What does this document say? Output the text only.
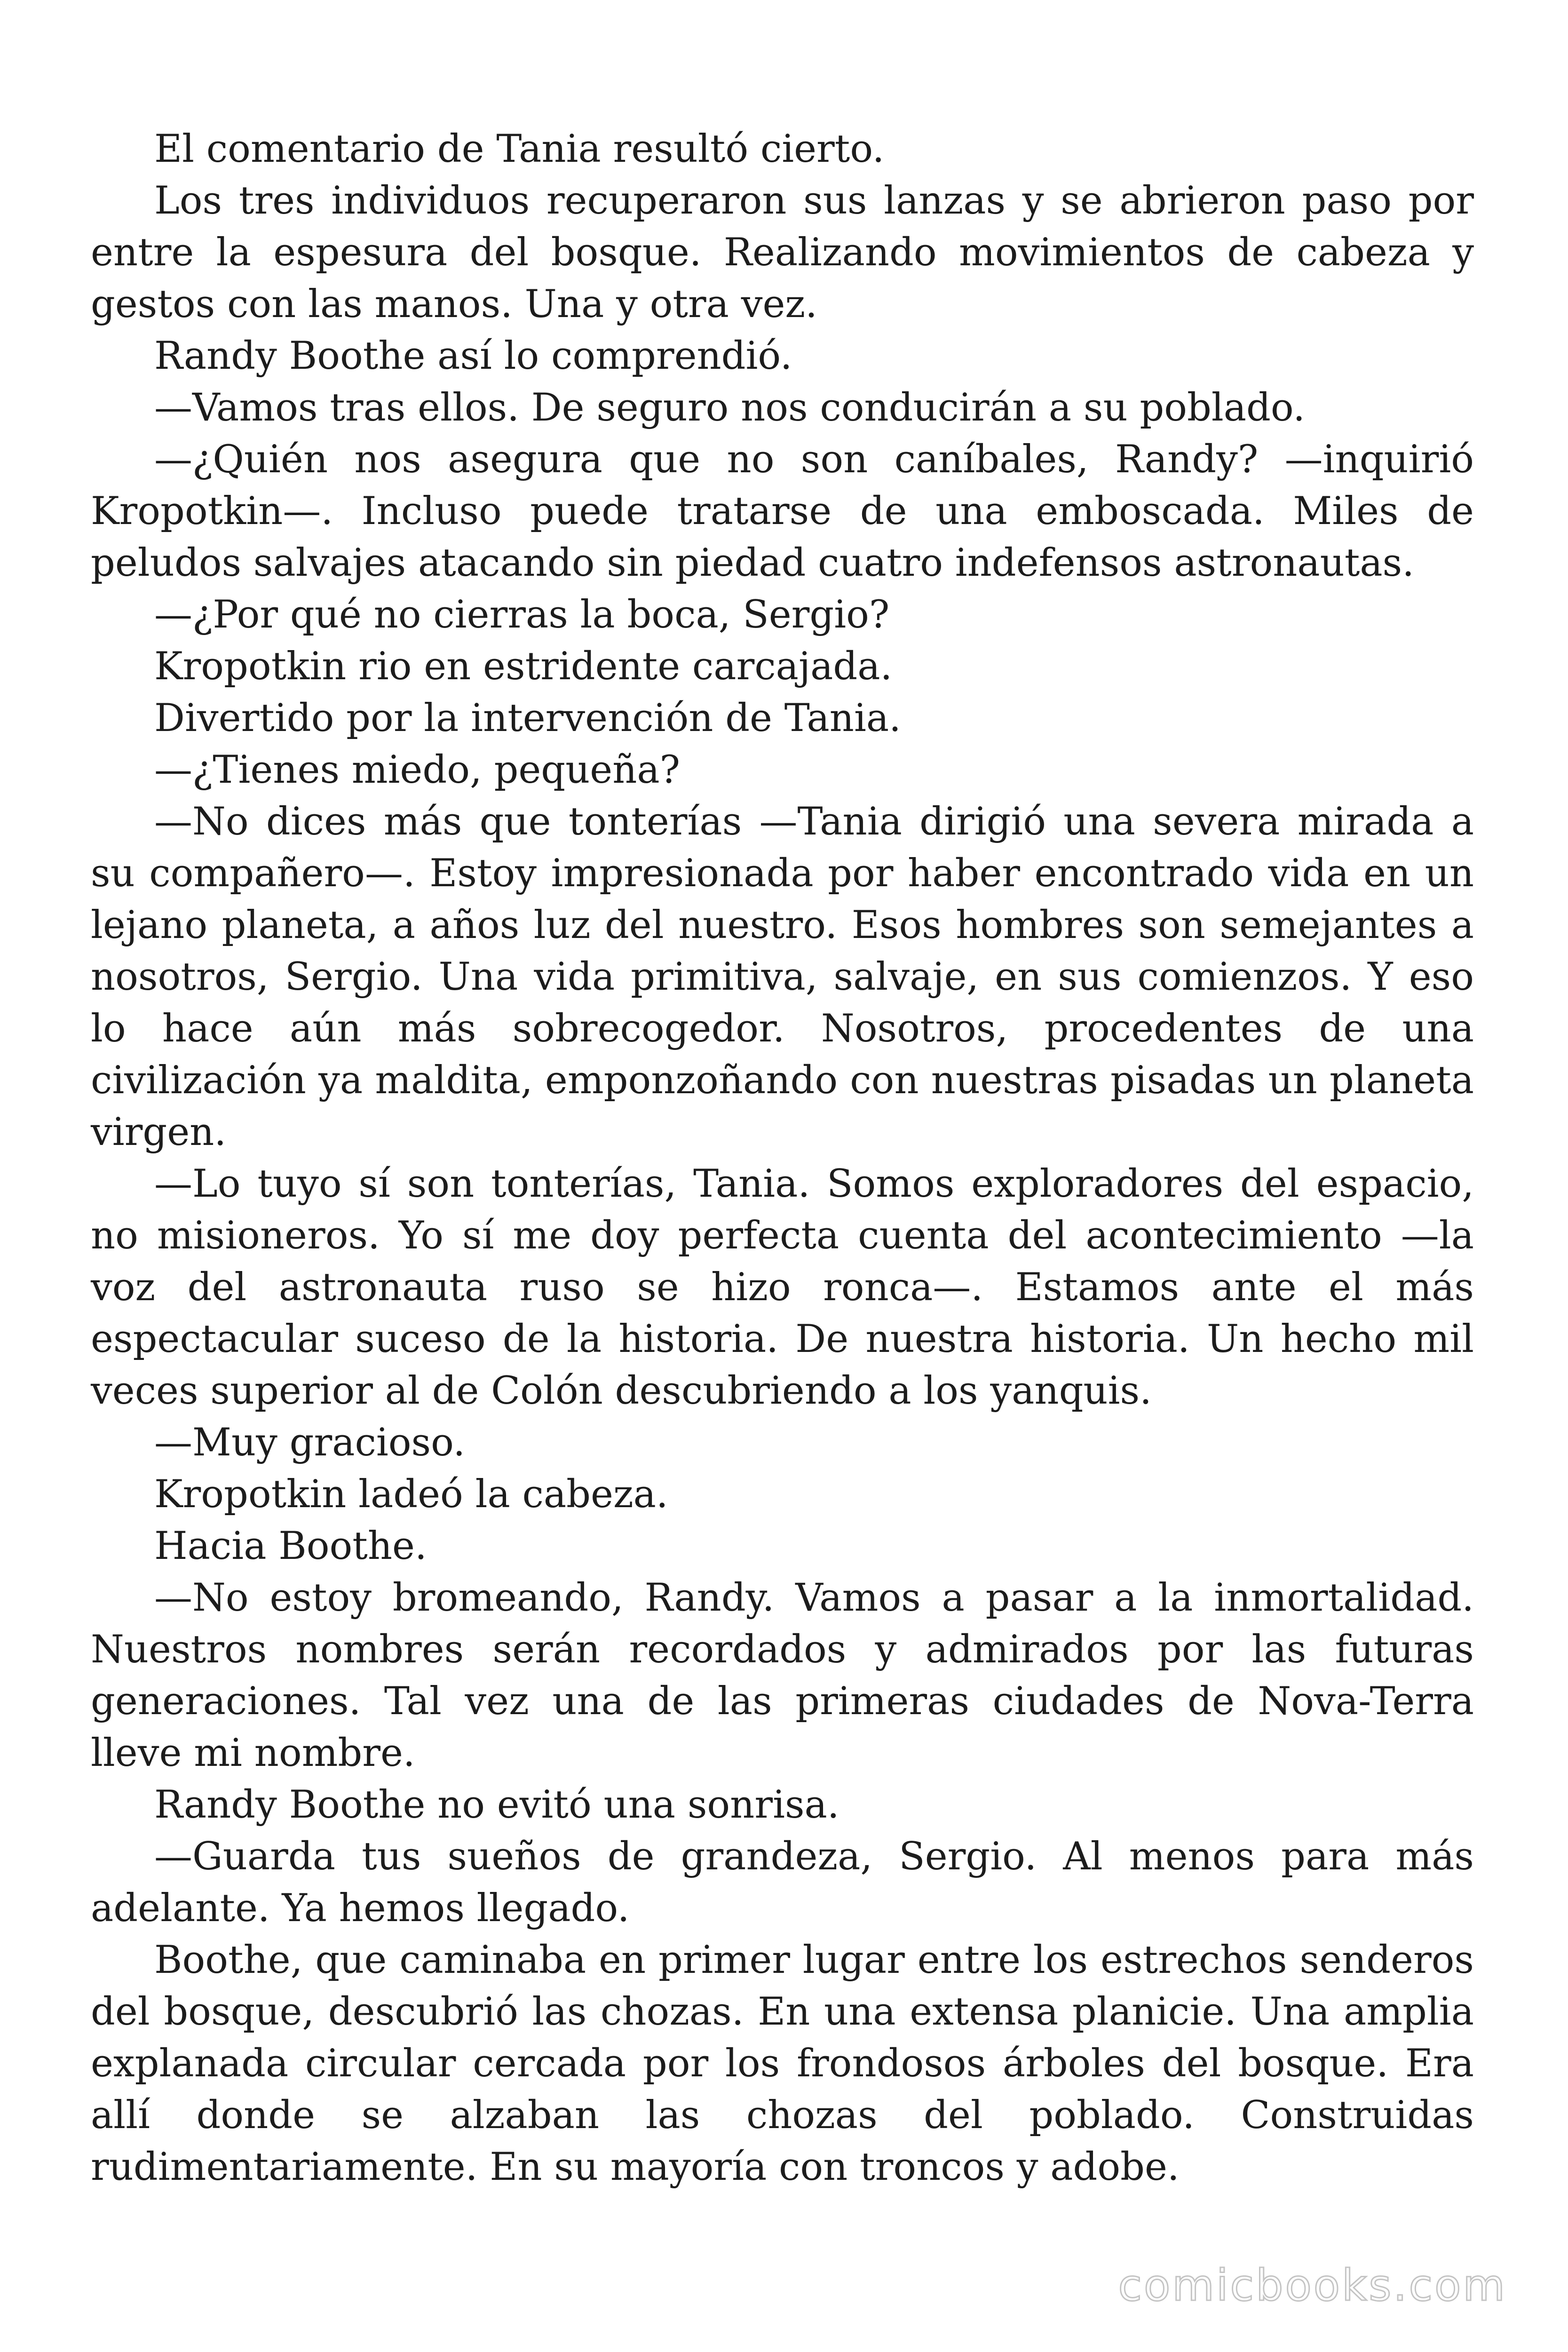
El comentario de Tania resultó cierto.

Los tres individuos recuperaron sus lanzas y se abrieron paso por entre la espesura del bosque. Realizando movimientos de cabeza y gestos con las manos. Una y otra vez.

Randy Boothe así lo comprendió.

—Vamos tras ellos. De seguro nos conducirán a su poblado.

—¿Quién nos asegura que no son caníbales, Randy? —inquirió Kropotkin—. Incluso puede tratarse de una emboscada. Miles de peludos salvajes atacando sin piedad cuatro indefensos astronautas.

—¿Por qué no cierras la boca, Sergio?

Kropotkin rio en estridente carcajada.

Divertido por la intervención de Tania.

—¿Tienes miedo, pequeña?

—No dices más que tonterías —Tania dirigió una severa mirada a su compañero—. Estoy impresionada por haber encontrado vida en un lejano planeta, a años luz del nuestro. Esos hombres son semejantes a nosotros, Sergio. Una vida primitiva, salvaje, en sus comienzos. Y eso lo hace aún más sobrecogedor. Nosotros, procedentes de una civilización ya maldita, emponzoñando con nuestras pisadas un planeta virgen.

—Lo tuyo sí son tonterías, Tania. Somos exploradores del espacio, no misioneros. Yo sí me doy perfecta cuenta del acontecimiento —la voz del astronauta ruso se hizo ronca—. Estamos ante el más espectacular suceso de la historia. De nuestra historia. Un hecho mil veces superior al de Colón descubriendo a los yanquis.

—Muy gracioso.

Kropotkin ladeó la cabeza.

Hacia Boothe.

—No estoy bromeando, Randy. Vamos a pasar a la inmortalidad. Nuestros nombres serán recordados y admirados por las futuras generaciones. Tal vez una de las primeras ciudades de Nova-Terra lleve mi nombre.

Randy Boothe no evitó una sonrisa.

—Guarda tus sueños de grandeza, Sergio. Al menos para más adelante. Ya hemos llegado.

Boothe, que caminaba en primer lugar entre los estrechos senderos del bosque, descubrió las chozas. En una extensa planicie. Una amplia explanada circular cercada por los frondosos árboles del bosque. Era allí donde se alzaban las chozas del poblado. Construidas rudimentariamente. En su mayoría con troncos y adobe.

comicbooks.com
